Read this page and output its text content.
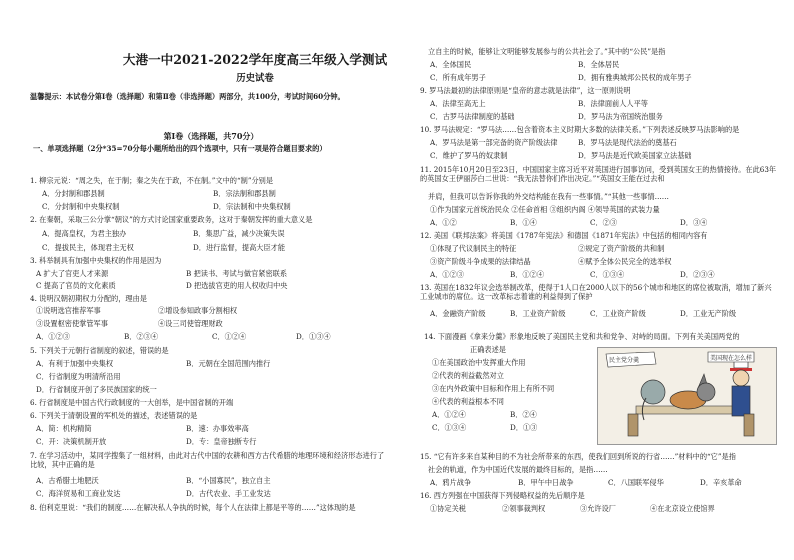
大港一中2021-2022学年度高三年级入学测试
历史试卷
温馨提示：本试卷分第Ⅰ卷（选择题）和第Ⅱ卷（非选择题）两部分，共100分，考试时间60分钟。
第Ⅰ卷（选择题，共70分）
一、单项选择题（2分*35=70分每小题所给出的四个选项中，只有一项是符合题目要求的）
1. 柳宗元说：“周之失，在于制；秦之失在于政，不在制。”文中的“制”分别是
A．分封制和郡县制	B．宗法制和郡县制
C．分封制和中央集权制	D．宗法制和中央集权制
2. 在秦朝，采取三公分掌“朝议”的方式讨论国家重要政务，这对于秦朝发挥的重大意义是
A．提高皇权，为君主独办	B．集思广益，减少决策失误
C．提拔民主，体现君主无权	D．进行监督，提高大臣才能
3. 科举制具有加强中央集权的作用是因为
A 扩大了官吏人才来源	B 把读书、考试与做官紧密联系
C 提高了官员的文化素质	D 把选拔官吏的用人权收归中央
4. 说明汉朝初期权力分配的，理由是
①说明选官推荐军事	②增设参知政事分割相权
③设置枢密使掌管军事	④设三司使管理财政
A．①②③	B．②③④	C．①②④	D．①③④
5. 下列关于元朝行省制度的叙述，错误的是
A．有利于加强中央集权	B．元朝在全国范围内推行
C．行省制度为明清所沿用
D．行省制度开创了多民族国家的统一
6. 行省制度是中国古代行政制度的一大创举，是中国省制的开端
6. 下列关于清朝设置的军机处的描述，表述错误的是
A．简：机构精简	B．速：办事效率高
C．开：决策机制开放	D．专：皇帝独断专行
7. 在学习活动中，某同学搜集了一组材料，由此对古代中国的农耕和西方古代希腊的地理环境和经济形态进行了比较，其中正确的是
A．古希腊土地肥沃	B．“小国寡民”，独立自主
C．海洋贸易和工商业发达	D．古代农业、手工业发达
8. 伯利克里说：“我们的制度……在解决私人争执的时候，每个人在法律上都是平等的……”这体现的是
立自主的时候，能够让文明能够发展参与的公共社会了。”其中的“公民”是指
A．全体国民	B．全体居民
C．所有成年男子	D．拥有雅典城邦公民权的成年男子
9. 罗马法最初的法律原则是“皇帝的意志就是法律”，这一原则说明
A．法律至高无上	B．法律面前人人平等
C．古罗马法律制度的基础	D．罗马法为帝国统治服务
10. 罗马法规定：“罗马法……包含着资本主义时期大多数的法律关系。”下列表述反映罗马法影响的是
A．罗马法是第一部完备的资产阶级法律	B．罗马法是现代法治的奠基石
C．维护了罗马的奴隶制	D．罗马法是近代欧美国家立法基础
11. 2015年10月20日至23日，中国国家主席习近平对英国进行国事访问，受到英国女王的热情接待。在此63年的英国女王伊丽莎白二世说：“我无法替你们作出决定。”“英国女王能在过去和
并肩，但我可以告诉你我的外交结构能在我有一些事情。”“其他一些事情……
①作为国家元首统治民众 ②任命首相 ③组织内阁 ④领导英国的武装力量
A．①②	B．①④	C．②③	D．③④
12. 美国《联邦法案》将美国《1787年宪法》和德国《1871年宪法》中包括的相同内容有
①体现了代议制民主的特征	②规定了资产阶级的共和制
③资产阶级斗争成果的法律结晶	④赋予全体公民完全的选举权
A．①②③	B．①②④	C．①③④	D．②③④
13. 英国在1832年议会选举制改革，使得于1人口在2000人以下的56个城市和地区的席位被取消，增加了新兴工业城市的席位。这一改革标志着谁的利益得到了保护
A．金融资产阶级	B．工业资产阶级	C．工业资产阶级	D．工业无产阶级
14. 下面漫画《拿来分羹》形象地反映了美国民主党和共和党争、对峙的局面。下列有关美国两党的
正确表述是
①在美国政治中发挥重大作用
②代表的利益截然对立
③在内外政策中目标和作用上有所不同
④代表的利益根本不同
A．①②④	B．②④
C．①③④	D．①③
民主党分羹	美国现在怎么样
15. “它有许多来自某种目的不为社会所带来的东西，使我们回到所说的行省……”材料中的“它”是指
社会的轨道，作为中国近代发展的最终目标的，是指……
A．鸦片战争	B．甲午中日战争	C．八国联军侵华	D．辛亥革命
16. 西方列强在中国获得下列侵略权益的先后顺序是
①协定关税	②领事裁判权	③允许设厂	④在北京设立使馆界
